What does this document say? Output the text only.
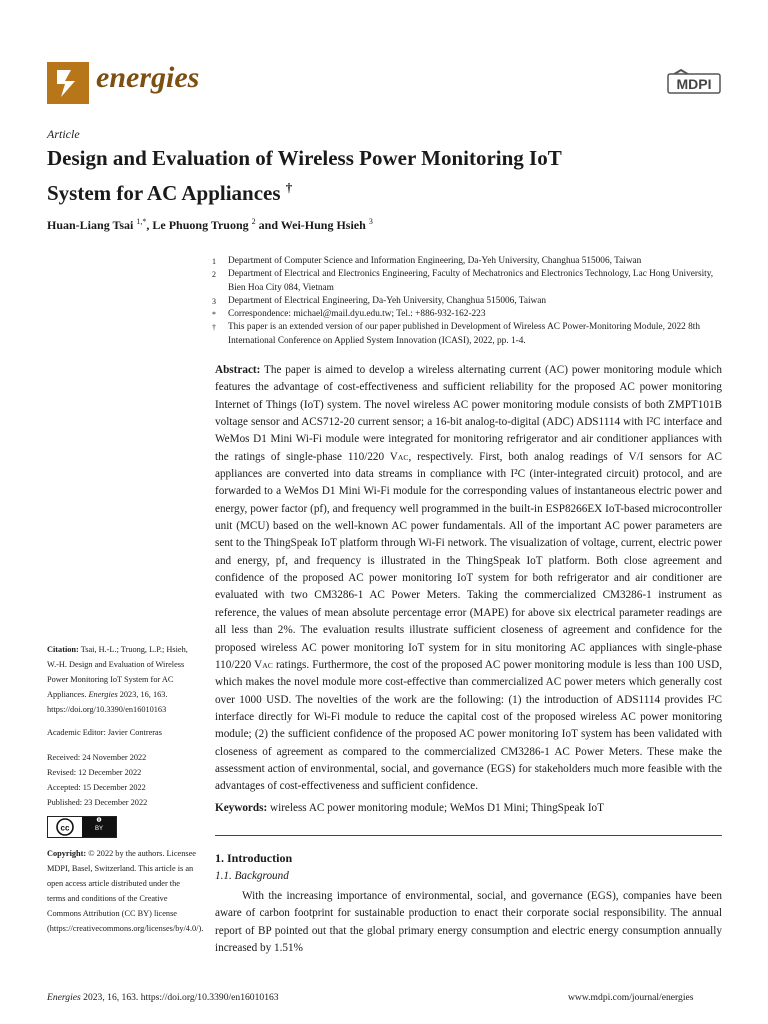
energies	MDPI
Article
Design and Evaluation of Wireless Power Monitoring IoT
System for AC Appliances †
Huan-Liang Tsai $^{1,*}$, Le Phuong Truong $^2$ and Wei-Hung Hsieh $^3$
1 Department of Computer Science and Information Engineering, Da-Yeh University, Changhua 515006, Taiwan
2 Department of Electrical and Electronics Engineering, Faculty of Mechatronics and Electronics Technology, Lac Hong University, Bien Hoa City 084, Vietnam
3 Department of Electrical Engineering, Da-Yeh University, Changhua 515006, Taiwan
* Correspondence: michael@mail.dyu.edu.tw; Tel.: +886-932-162-223
† This paper is an extended version of our paper published in Development of Wireless AC Power-Monitoring Module, 2022 8th International Conference on Applied System Innovation (ICASI), 2022, pp. 1-4.
Abstract: The paper is aimed to develop a wireless alternating current (AC) power monitoring module which features the advantage of cost-effectiveness and sufficient reliability for the proposed AC power monitoring Internet of Things (IoT) system. The novel wireless AC power monitoring module consists of both ZMPT101B voltage sensor and ACS712-20 current sensor; a 16-bit analog-to-digital (ADC) ADS1114 with I²C interface and WeMos D1 Mini Wi-Fi module were integrated for monitoring refrigerator and air conditioner appliances with the ratings of single-phase 110/220 VAC, respectively. First, both analog readings of V/I sensors for AC appliances are converted into data streams in compliance with I²C (inter-integrated circuit) protocol, and are forwarded to a WeMos D1 Mini Wi-Fi module for the corresponding values of instantaneous electric power and energy, power factor (pf), and frequency well programmed in the built-in ESP8266EX IoT-based microcontroller unit (MCU) based on the well-known AC power fundamentals. All of the important AC power parameters are sent to the ThingSpeak IoT platform through Wi-Fi network. The visualization of voltage, current, electric power and energy, pf, and frequency is illustrated in the ThingSpeak IoT platform. Both close agreement and confidence of the proposed AC power monitoring IoT system for both refrigerator and air conditioner are evaluated with two CM3286-1 AC Power Meters. Taking the commercialized CM3286-1 instrument as reference, the values of mean absolute percentage error (MAPE) for above six electrical parameter readings are all less than 2%. The evaluation results illustrate sufficient closeness of agreement and confidence for the proposed wireless AC power monitoring IoT system for in situ monitoring AC appliances with single-phase 110/220 VAC ratings. Furthermore, the cost of the proposed AC power monitoring module is less than 100 USD, which makes the novel module more cost-effective than commercialized AC power meters which generally cost over 1000 USD. The novelties of the work are the following: (1) the introduction of ADS1114 provides I²C interface directly for Wi-Fi module to reduce the capital cost of the proposed wireless AC power monitoring module; (2) the sufficient confidence of the proposed AC power monitoring IoT system has been validated with closeness of agreement as compared to the commercialized CM3286-1 AC Power Meters. These make the assessment action of environmental, social, and governance (EGS) for stakeholders much more feasible with the advantages of cost-effectiveness and sufficient confidence.
Keywords: wireless AC power monitoring module; WeMos D1 Mini; ThingSpeak IoT
1. Introduction
1.1. Background
With the increasing importance of environmental, social, and governance (EGS), companies have been aware of carbon footprint for sustainable production to enact their corporate social responsibility. The annual report of BP pointed out that the global primary energy consumption and electric energy consumption annually increased by 1.51%

Citation: Tsai, H.-L.; Truong, L.P.; Hsieh, W.-H. Design and Evaluation of Wireless Power Monitoring IoT System for AC Appliances. Energies 2023, 16, 163. https://doi.org/10.3390/en16010163

Academic Editor: Javier Contreras

Received: 24 November 2022

Revised: 12 December 2022

Accepted: 15 December 2022

Published: 23 December 2022

cc	BY

Copyright: © 2022 by the authors. Licensee MDPI, Basel, Switzerland. This article is an open access article distributed under the terms and conditions of the Creative Commons Attribution (CC BY) license (https://creativecommons.org/licenses/by/4.0/).

Energies 2023, 16, 163. https://doi.org/10.3390/en16010163	www.mdpi.com/journal/energies
